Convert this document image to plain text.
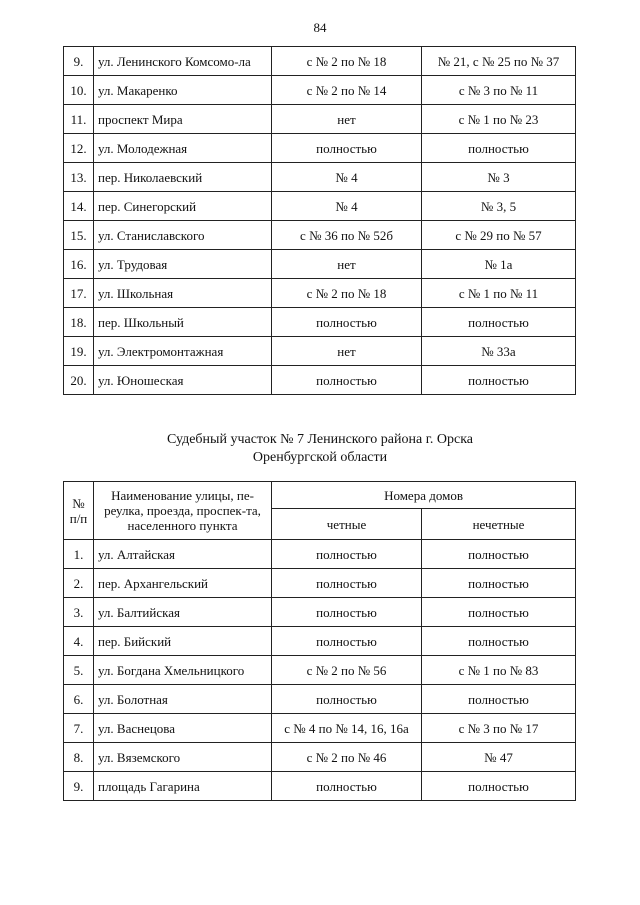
84
9.	ул. Ленинского Комсомо-ла	с № 2 по № 18	№ 21, с № 25 по № 37
10.	ул. Макаренко	с № 2 по № 14	с № 3 по № 11
11.	проспект Мира	нет	с № 1 по № 23
12.	ул. Молодежная	полностью	полностью
13.	пер. Николаевский	№ 4	№ 3
14.	пер. Синегорский	№ 4	№ 3, 5
15.	ул. Станиславского	с № 36 по № 52б	с № 29 по № 57
16.	ул. Трудовая	нет	№ 1а
17.	ул. Школьная	с № 2 по № 18	с № 1 по № 11
18.	пер. Школьный	полностью	полностью
19.	ул. Электромонтажная	нет	№ 33а
20.	ул. Юношеская	полностью	полностью
Судебный участок № 7 Ленинского района г. Орска
Оренбургской области
№ п/п	Наименование улицы, пе-реулка, проезда, проспек-та, населенного пункта	Номера домов	
		четные	нечетные
1.	ул. Алтайская	полностью	полностью
2.	пер. Архангельский	полностью	полностью
3.	ул. Балтийская	полностью	полностью
4.	пер. Бийский	полностью	полностью
5.	ул. Богдана Хмельницкого	с № 2 по № 56	с № 1 по № 83
6.	ул. Болотная	полностью	полностью
7.	ул. Васнецова	с № 4 по № 14, 16, 16а	с № 3 по № 17
8.	ул. Вяземского	с № 2 по № 46	№ 47
9.	площадь Гагарина	полностью	полностью
